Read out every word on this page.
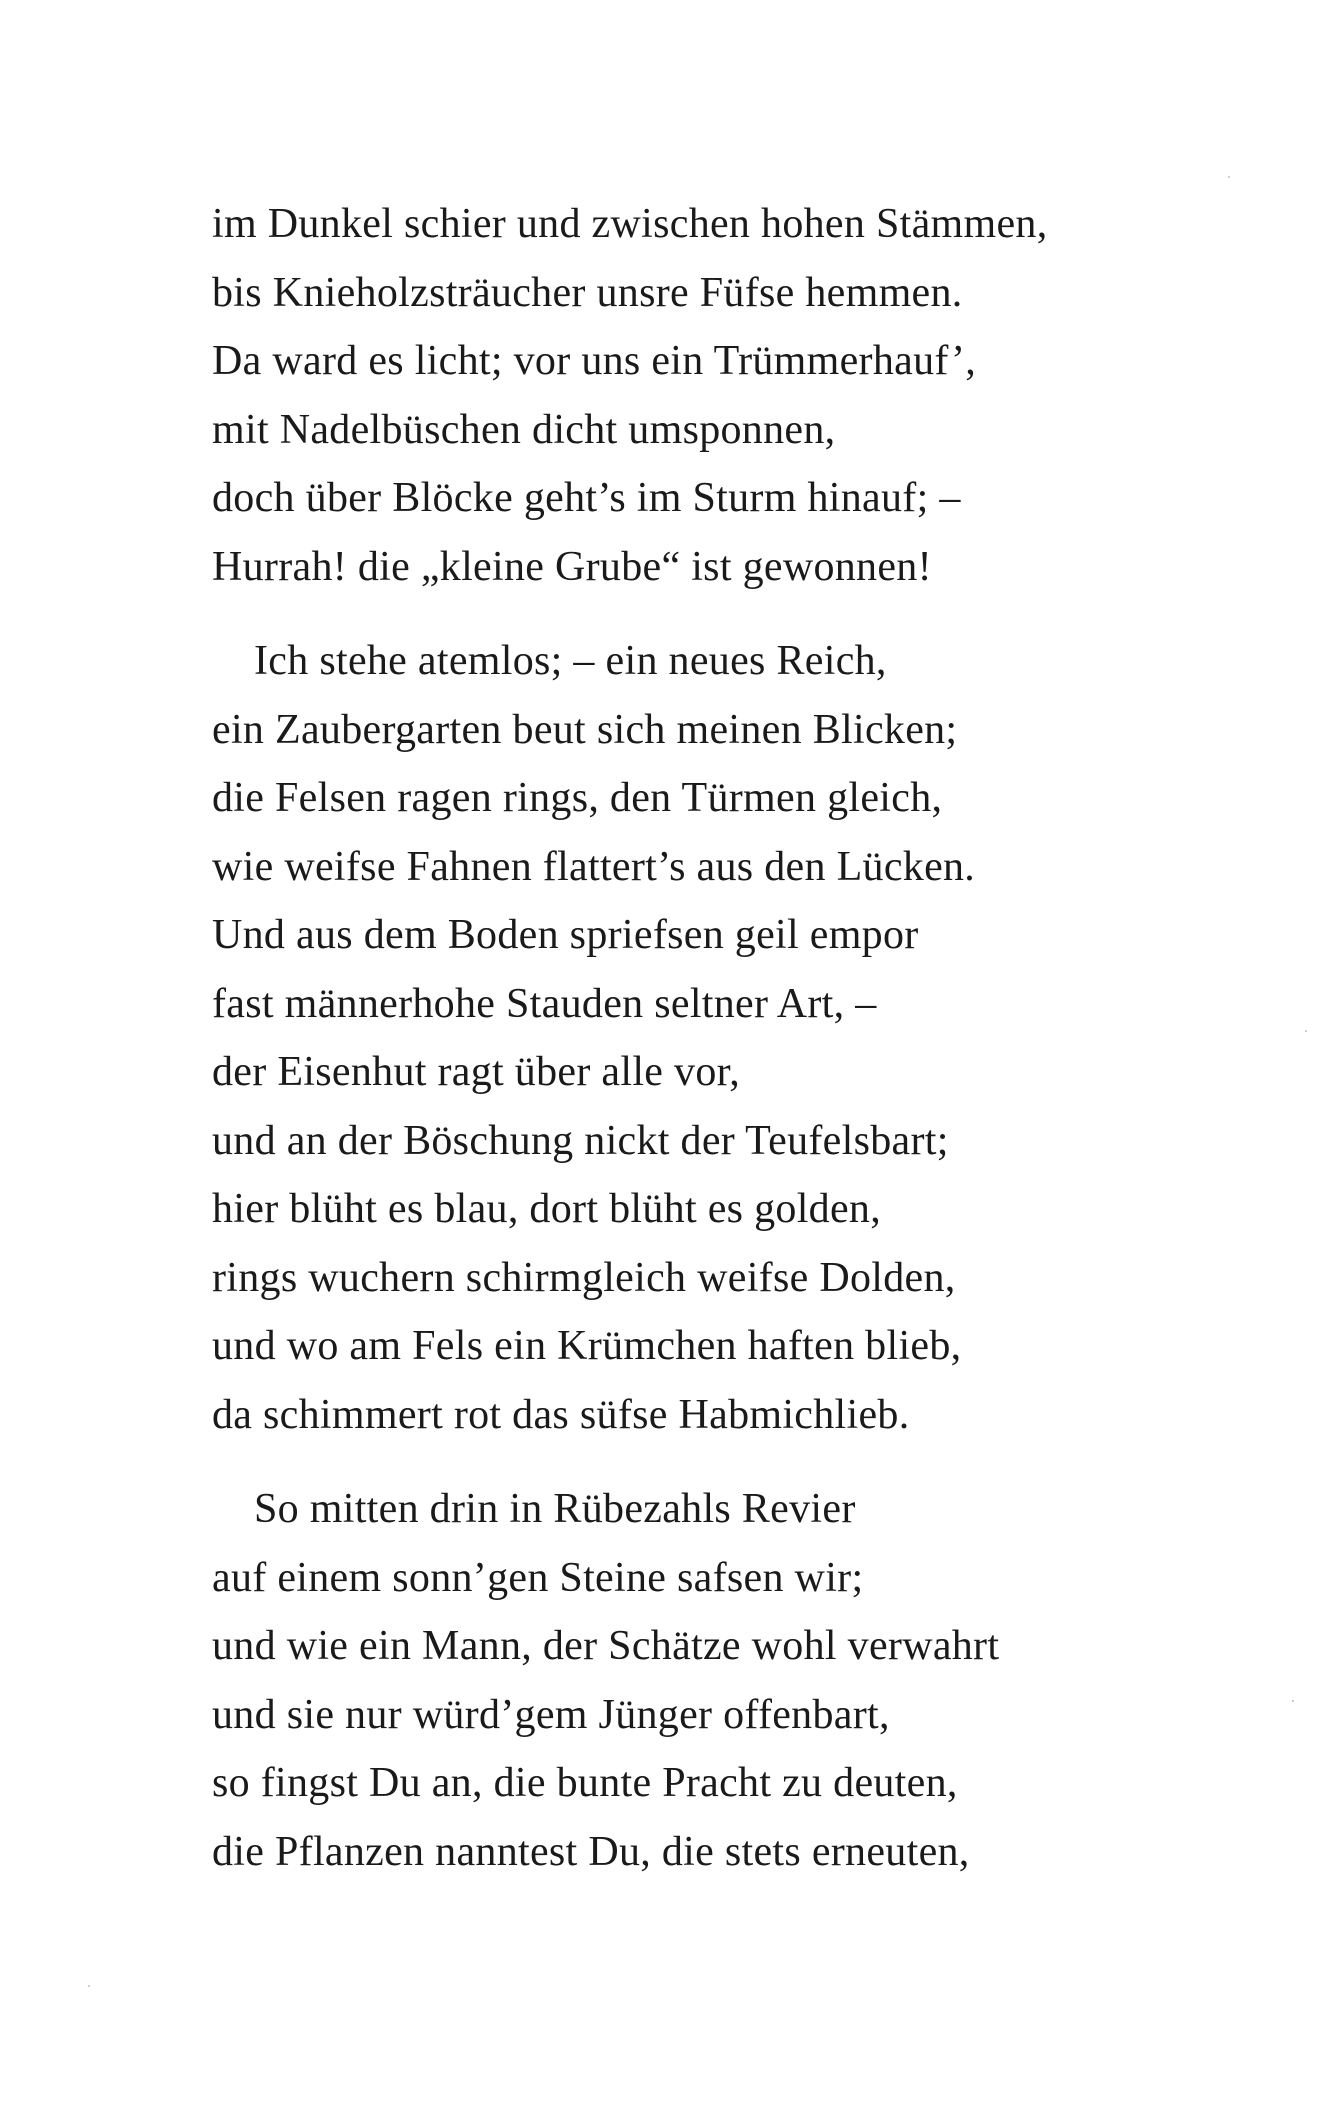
im Dunkel schier und zwischen hohen Stämmen,
bis Knieholzsträucher unsre Füfse hemmen.
Da ward es licht; vor uns ein Trümmerhauf’,
mit Nadelbüschen dicht umsponnen,
doch über Blöcke geht’s im Sturm hinauf; –
Hurrah! die „kleine Grube“ ist gewonnen!
Ich stehe atemlos; – ein neues Reich,
ein Zaubergarten beut sich meinen Blicken;
die Felsen ragen rings, den Türmen gleich,
wie weifse Fahnen flattert’s aus den Lücken.
Und aus dem Boden spriefsen geil empor
fast männerhohe Stauden seltner Art, –
der Eisenhut ragt über alle vor,
und an der Böschung nickt der Teufelsbart;
hier blüht es blau, dort blüht es golden,
rings wuchern schirmgleich weifse Dolden,
und wo am Fels ein Krümchen haften blieb,
da schimmert rot das süfse Habmichlieb.
So mitten drin in Rübezahls Revier
auf einem sonn’gen Steine safsen wir;
und wie ein Mann, der Schätze wohl verwahrt
und sie nur würd’gem Jünger offenbart,
so fingst Du an, die bunte Pracht zu deuten,
die Pflanzen nanntest Du, die stets erneuten,
